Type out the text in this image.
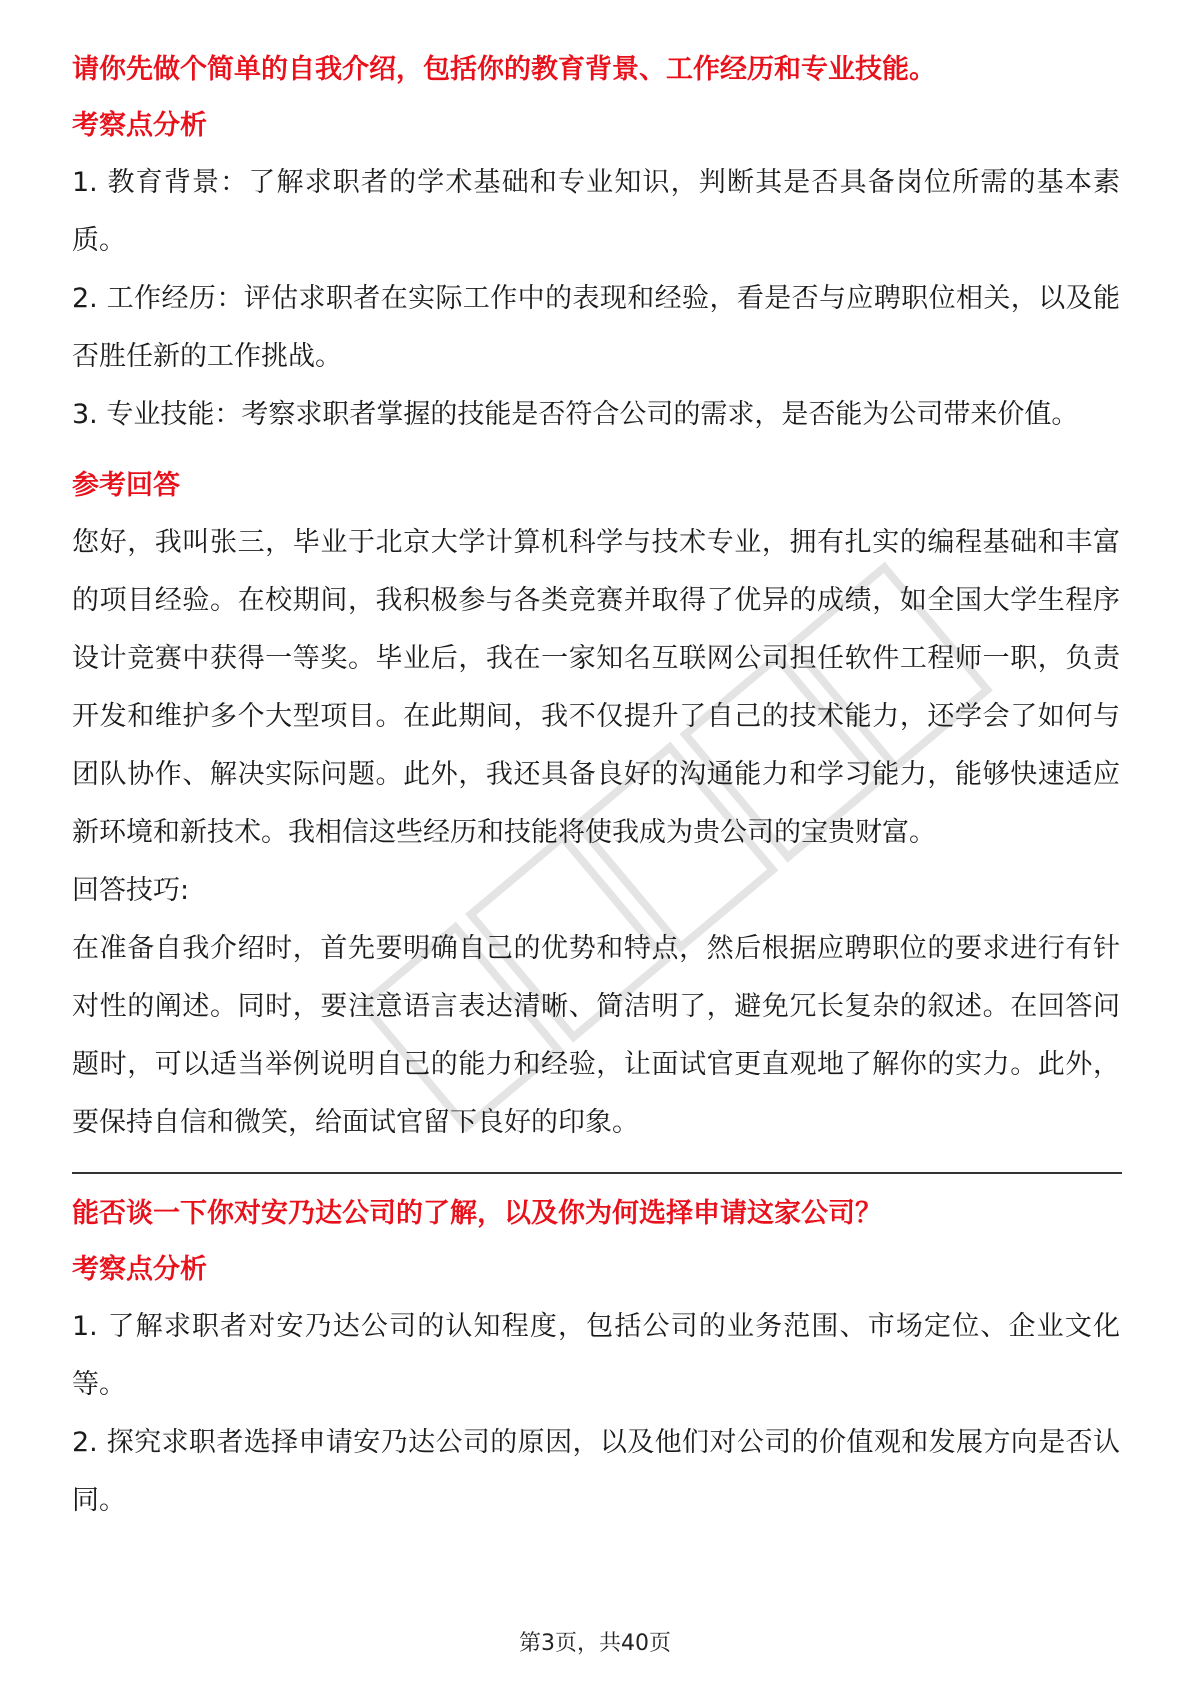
请你先做个简单的自我介绍，包括你的教育背景、工作经历和专业技能。

考察点分析

1. 教育背景：了解求职者的学术基础和专业知识，判断其是否具备岗位所需的基本素质。

2. 工作经历：评估求职者在实际工作中的表现和经验，看是否与应聘职位相关，以及能否胜任新的工作挑战。

3. 专业技能：考察求职者掌握的技能是否符合公司的需求，是否能为公司带来价值。

参考回答

您好，我叫张三，毕业于北京大学计算机科学与技术专业，拥有扎实的编程基础和丰富的项目经验。在校期间，我积极参与各类竞赛并取得了优异的成绩，如全国大学生程序设计竞赛中获得一等奖。毕业后，我在一家知名互联网公司担任软件工程师一职，负责开发和维护多个大型项目。在此期间，我不仅提升了自己的技术能力，还学会了如何与团队协作、解决实际问题。此外，我还具备良好的沟通能力和学习能力，能够快速适应新环境和新技术。我相信这些经历和技能将使我成为贵公司的宝贵财富。

回答技巧:

在准备自我介绍时，首先要明确自己的优势和特点，然后根据应聘职位的要求进行有针对性的阐述。同时，要注意语言表达清晰、简洁明了，避免冗长复杂的叙述。在回答问题时，可以适当举例说明自己的能力和经验，让面试官更直观地了解你的实力。此外，要保持自信和微笑，给面试官留下良好的印象。

能否谈一下你对安乃达公司的了解，以及你为何选择申请这家公司？

考察点分析

1. 了解求职者对安乃达公司的认知程度，包括公司的业务范围、市场定位、企业文化等。

2. 探究求职者选择申请安乃达公司的原因，以及他们对公司的价值观和发展方向是否认同。

第3页，共40页
